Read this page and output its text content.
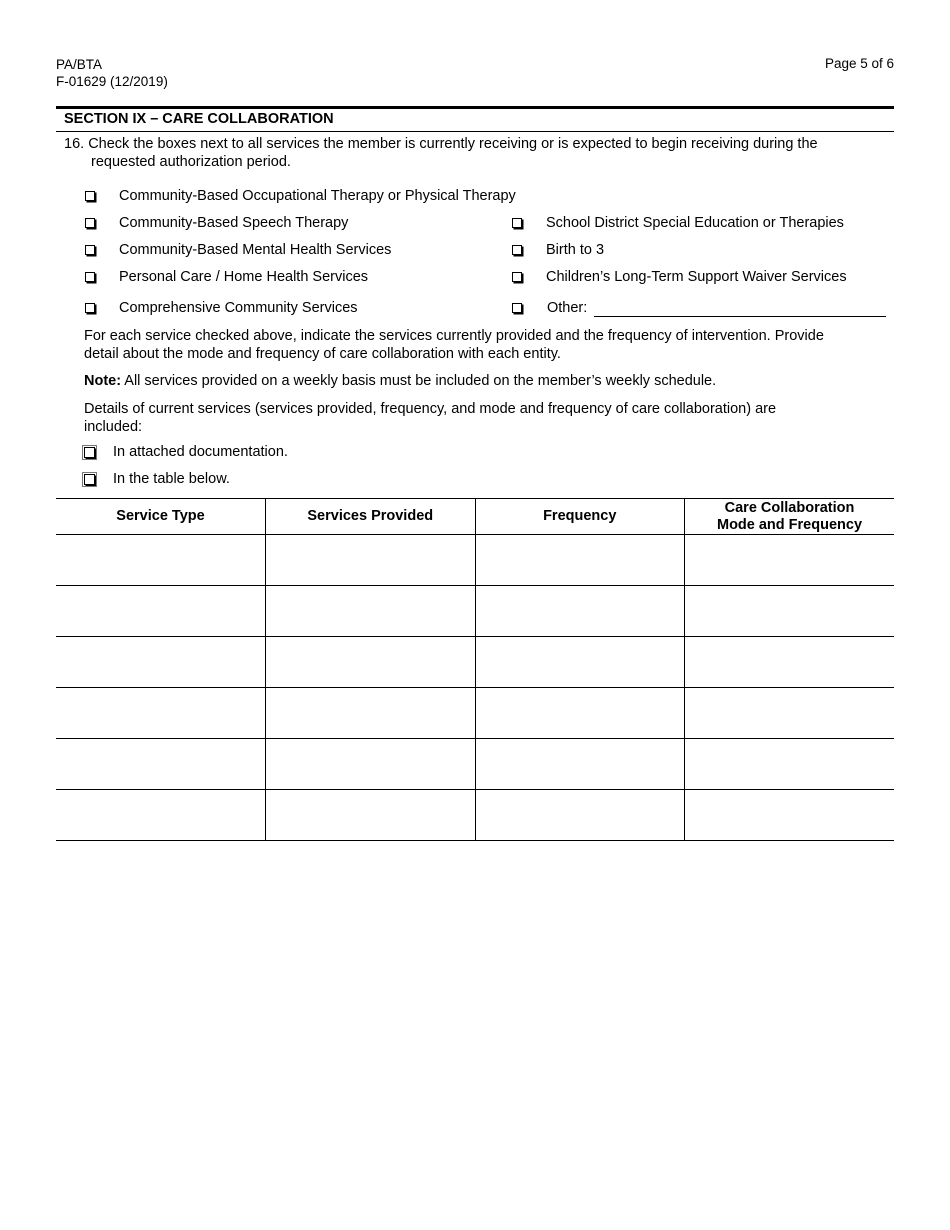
PA/BTA
F-01629 (12/2019)
Page 5 of 6
SECTION IX – CARE COLLABORATION
16. Check the boxes next to all services the member is currently receiving or is expected to begin receiving during the
requested authorization period.
Community-Based Occupational Therapy or Physical Therapy
Community-Based Speech Therapy
Community-Based Mental Health Services
Personal Care / Home Health Services
Comprehensive Community Services
School District Special Education or Therapies
Birth to 3
Children’s Long-Term Support Waiver Services
Other:
For each service checked above, indicate the services currently provided and the frequency of intervention. Provide
detail about the mode and frequency of care collaboration with each entity.
Note: All services provided on a weekly basis must be included on the member’s weekly schedule.
Details of current services (services provided, frequency, and mode and frequency of care collaboration) are
included:
In attached documentation.
In the table below.
Service Type	Services Provided	Frequency	Care Collaboration
Mode and Frequency
